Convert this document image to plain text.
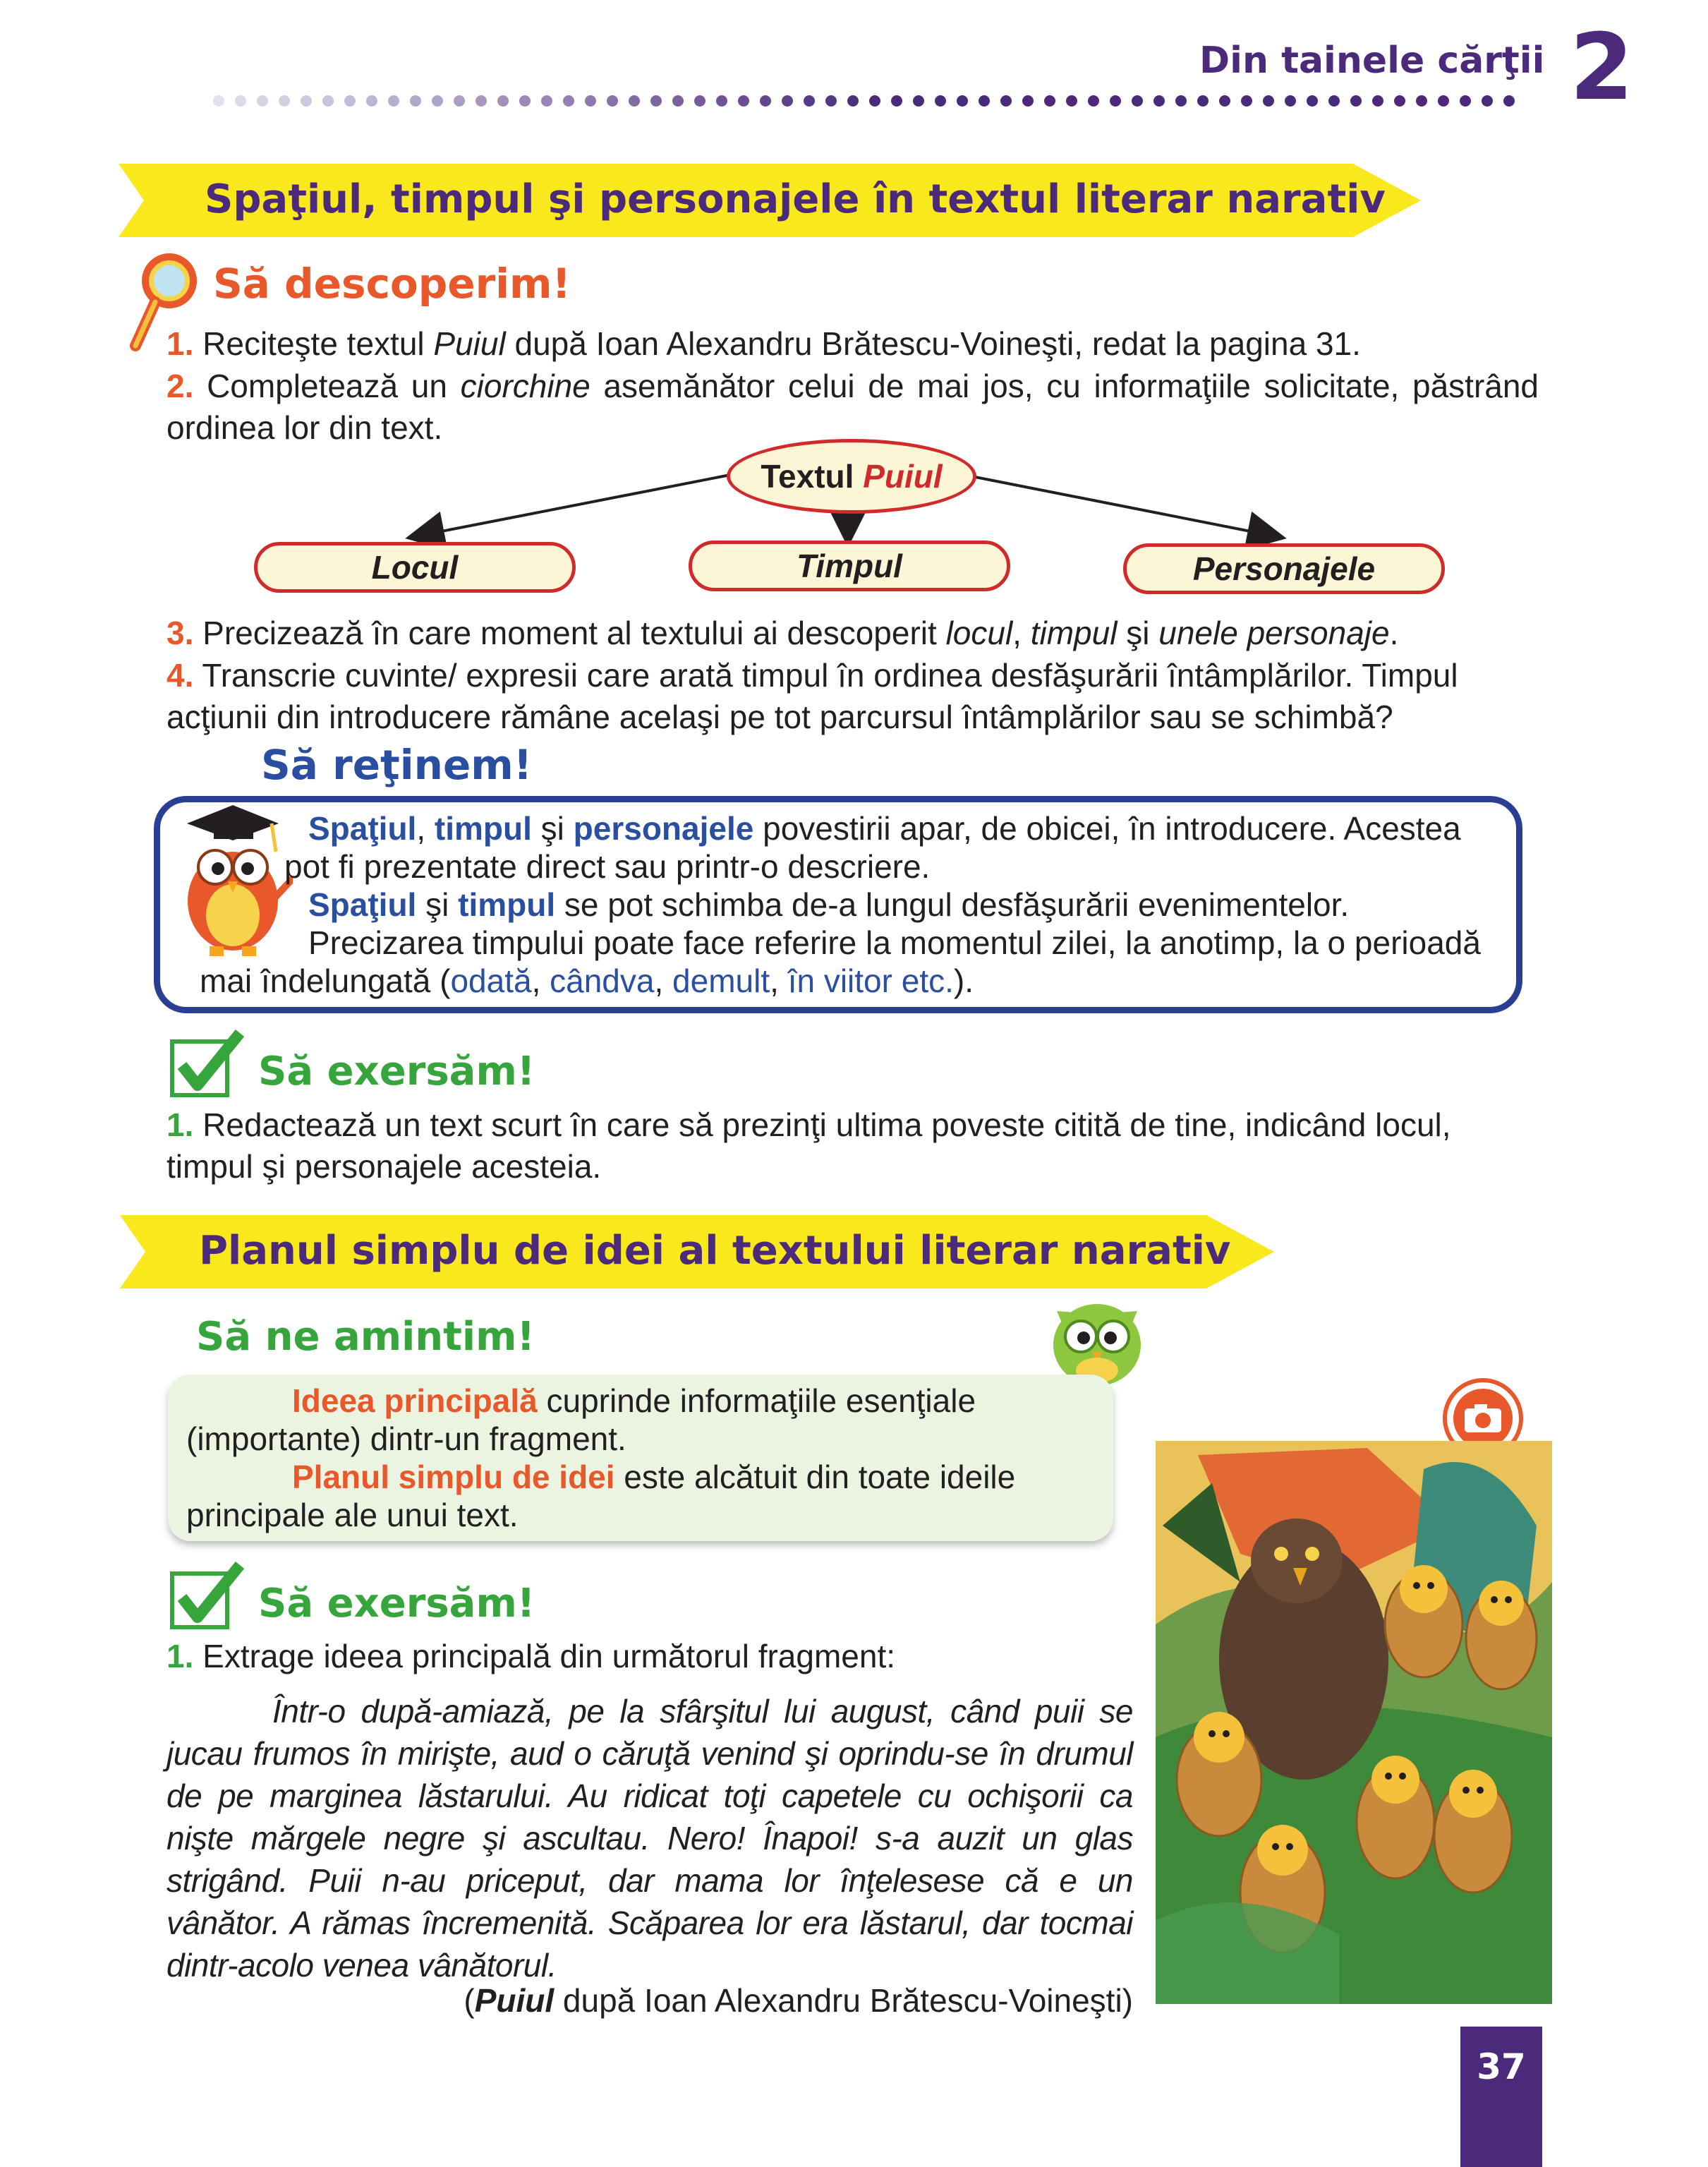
Din tainele cărţii 2
Spaţiul, timpul şi personajele în textul literar narativ
Să descoperim!
1. Reciteşte textul Puiul după Ioan Alexandru Brătescu-Voineşti, redat la pagina 31.
2. Completează un ciorchine asemănător celui de mai jos, cu informaţiile solicitate, păstrând ordinea lor din text.
Textul Puiul
Locul	Timpul	Personajele
3. Precizează în care moment al textului ai descoperit locul, timpul şi unele personaje.
4. Transcrie cuvinte/ expresii care arată timpul în ordinea desfăşurării întâmplărilor. Timpul acţiunii din introducere rămâne acelaşi pe tot parcursul întâmplărilor sau se schimbă?
Să reţinem!
Spaţiul, timpul şi personajele povestirii apar, de obicei, în introducere. Acestea pot fi prezentate direct sau printr-o descriere.
Spaţiul şi timpul se pot schimba de-a lungul desfăşurării evenimentelor.
Precizarea timpului poate face referire la momentul zilei, la anotimp, la o perioadă mai îndelungată (odată, cândva, demult, în viitor etc.).
Să exersăm!
1. Redactează un text scurt în care să prezinţi ultima poveste citită de tine, indicând locul, timpul şi personajele acesteia.
Planul simplu de idei al textului literar narativ
Să ne amintim!
Ideea principală cuprinde informaţiile esenţiale (importante) dintr-un fragment.
Planul simplu de idei este alcătuit din toate ideile principale ale unui text.
Să exersăm!
1. Extrage ideea principală din următorul fragment:
Într-o după-amiază, pe la sfârşitul lui august, când puii se jucau frumos în mirişte, aud o căruţă venind şi oprindu-se în drumul de pe marginea lăstarului. Au ridicat toţi capetele cu ochişorii ca nişte mărgele negre şi ascultau. Nero! Înapoi! s-a auzit un glas strigând. Puii n-au priceput, dar mama lor înţelesese că e un vânător. A rămas încremenită. Scăparea lor era lăstarul, dar tocmai dintr-acolo venea vânătorul.
(Puiul după Ioan Alexandru Brătescu-Voineşti)
37
